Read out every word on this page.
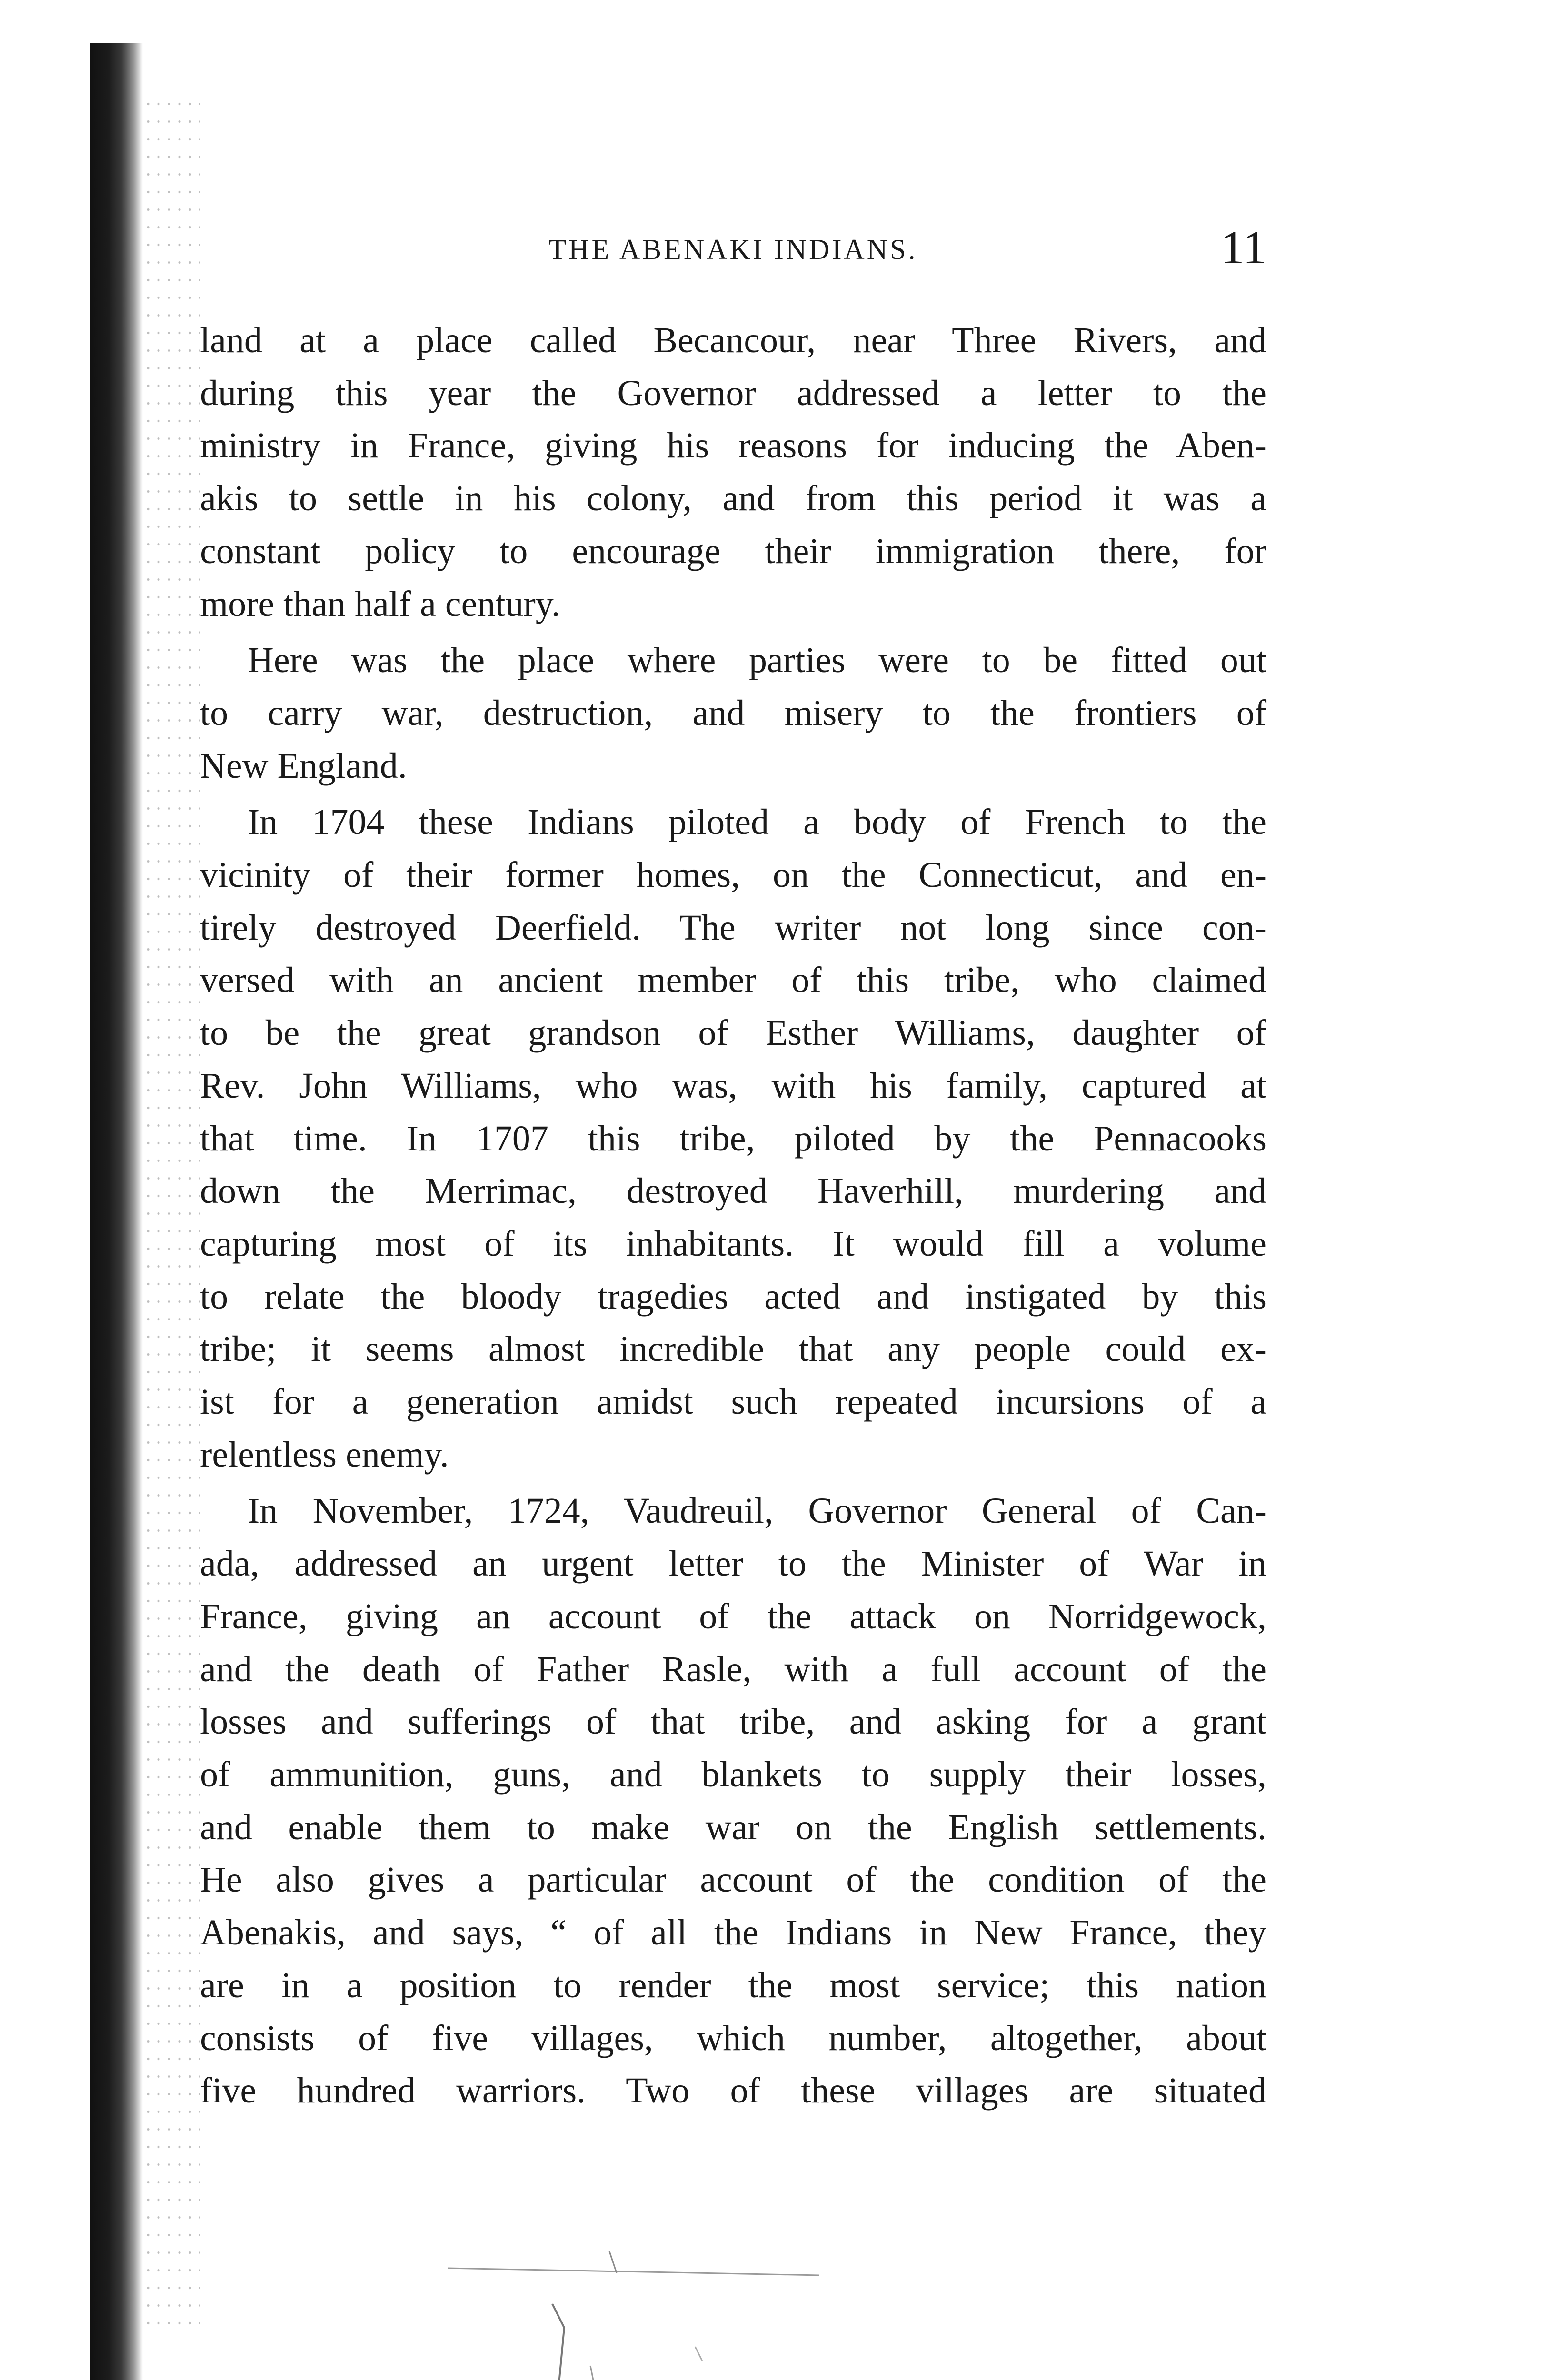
THE ABENAKI INDIANS.	11

land at a place called Becancour, near Three Rivers, and
during this year the Governor addressed a letter to the
ministry in France, giving his reasons for inducing the Aben-
akis to settle in his colony, and from this period it was a
constant policy to encourage their immigration there, for
more than half a century.

Here was the place where parties were to be fitted out
to carry war, destruction, and misery to the frontiers of
New England.

In 1704 these Indians piloted a body of French to the
vicinity of their former homes, on the Connecticut, and en-
tirely destroyed Deerfield. The writer not long since con-
versed with an ancient member of this tribe, who claimed
to be the great grandson of Esther Williams, daughter of
Rev. John Williams, who was, with his family, captured at
that time. In 1707 this tribe, piloted by the Pennacooks
down the Merrimac, destroyed Haverhill, murdering and
capturing most of its inhabitants. It would fill a volume
to relate the bloody tragedies acted and instigated by this
tribe; it seems almost incredible that any people could ex-
ist for a generation amidst such repeated incursions of a
relentless enemy.

In November, 1724, Vaudreuil, Governor General of Can-
ada, addressed an urgent letter to the Minister of War in
France, giving an account of the attack on Norridgewock,
and the death of Father Rasle, with a full account of the
losses and sufferings of that tribe, and asking for a grant
of ammunition, guns, and blankets to supply their losses,
and enable them to make war on the English settlements.
He also gives a particular account of the condition of the
Abenakis, and says, “ of all the Indians in New France, they
are in a position to render the most service; this nation
consists of five villages, which number, altogether, about
five hundred warriors. Two of these villages are situated
